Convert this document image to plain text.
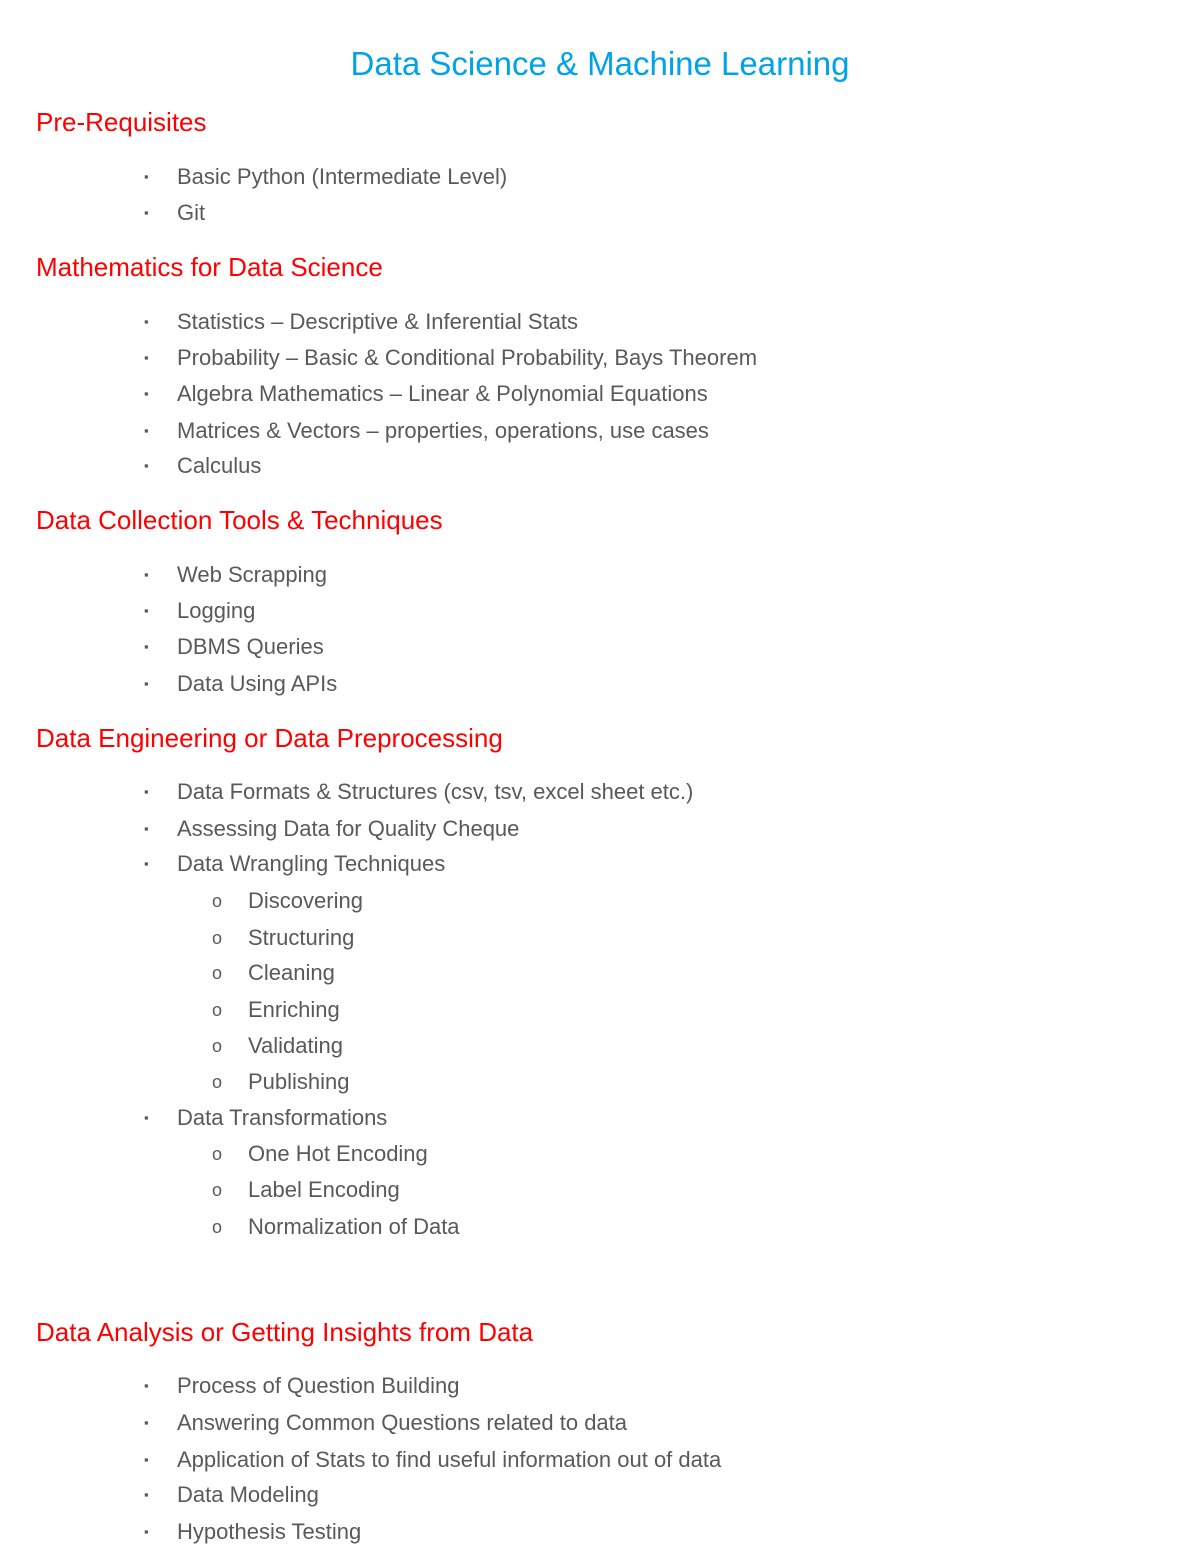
Data Science & Machine Learning
Pre-Requisites
▪ Basic Python (Intermediate Level)
▪ Git
Mathematics for Data Science
▪ Statistics – Descriptive & Inferential Stats
▪ Probability – Basic & Conditional Probability, Bays Theorem
▪ Algebra Mathematics – Linear & Polynomial Equations
▪ Matrices & Vectors – properties, operations, use cases
▪ Calculus
Data Collection Tools & Techniques
▪ Web Scrapping
▪ Logging
▪ DBMS Queries
▪ Data Using APIs
Data Engineering or Data Preprocessing
▪ Data Formats & Structures (csv, tsv, excel sheet etc.)
▪ Assessing Data for Quality Cheque
▪ Data Wrangling Techniques
o Discovering
o Structuring
o Cleaning
o Enriching
o Validating
o Publishing
▪ Data Transformations
o One Hot Encoding
o Label Encoding
o Normalization of Data
Data Analysis or Getting Insights from Data
▪ Process of Question Building
▪ Answering Common Questions related to data
▪ Application of Stats to find useful information out of data
▪ Data Modeling
▪ Hypothesis Testing
